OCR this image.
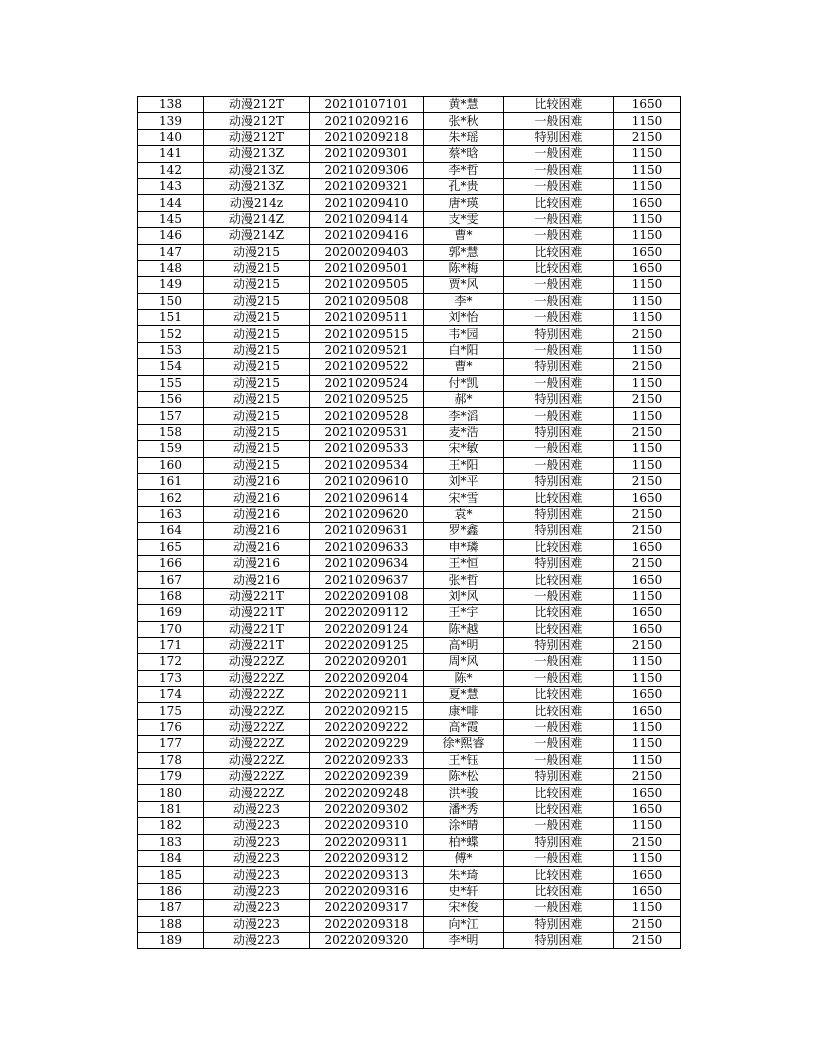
138	动漫212T	20210107101	黄*慧	比较困难	1650
139	动漫212T	20210209216	张*秋	一般困难	1150
140	动漫212T	20210209218	朱*瑶	特别困难	2150
141	动漫213Z	20210209301	蔡*晗	一般困难	1150
142	动漫213Z	20210209306	李*哲	一般困难	1150
143	动漫213Z	20210209321	孔*贵	一般困难	1150
144	动漫214z	20210209410	唐*瑛	比较困难	1650
145	动漫214Z	20210209414	支*雯	一般困难	1150
146	动漫214Z	20210209416	曹*	一般困难	1150
147	动漫215	20200209403	郭*慧	比较困难	1650
148	动漫215	20210209501	陈*梅	比较困难	1650
149	动漫215	20210209505	贾*风	一般困难	1150
150	动漫215	20210209508	李*	一般困难	1150
151	动漫215	20210209511	刘*怡	一般困难	1150
152	动漫215	20210209515	韦*园	特别困难	2150
153	动漫215	20210209521	白*阳	一般困难	1150
154	动漫215	20210209522	曹*	特别困难	2150
155	动漫215	20210209524	付*凯	一般困难	1150
156	动漫215	20210209525	郝*	特别困难	2150
157	动漫215	20210209528	李*滔	一般困难	1150
158	动漫215	20210209531	麦*浩	特别困难	2150
159	动漫215	20210209533	宋*敏	一般困难	1150
160	动漫215	20210209534	王*阳	一般困难	1150
161	动漫216	20210209610	刘*平	特别困难	2150
162	动漫216	20210209614	宋*雪	比较困难	1650
163	动漫216	20210209620	袁*	特别困难	2150
164	动漫216	20210209631	罗*鑫	特别困难	2150
165	动漫216	20210209633	申*璘	比较困难	1650
166	动漫216	20210209634	王*恒	特别困难	2150
167	动漫216	20210209637	张*哲	比较困难	1650
168	动漫221T	20220209108	刘*风	一般困难	1150
169	动漫221T	20220209112	王*宇	比较困难	1650
170	动漫221T	20220209124	陈*越	比较困难	1650
171	动漫221T	20220209125	高*明	特别困难	2150
172	动漫222Z	20220209201	周*风	一般困难	1150
173	动漫222Z	20220209204	陈*	一般困难	1150
174	动漫222Z	20220209211	夏*慧	比较困难	1650
175	动漫222Z	20220209215	康*啡	比较困难	1650
176	动漫222Z	20220209222	高*霞	一般困难	1150
177	动漫222Z	20220209229	徐*熙睿	一般困难	1150
178	动漫222Z	20220209233	王*钰	一般困难	1150
179	动漫222Z	20220209239	陈*松	特别困难	2150
180	动漫222Z	20220209248	洪*骏	比较困难	1650
181	动漫223	20220209302	潘*秀	比较困难	1650
182	动漫223	20220209310	涂*晴	一般困难	1150
183	动漫223	20220209311	柏*蝶	特别困难	2150
184	动漫223	20220209312	傅*	一般困难	1150
185	动漫223	20220209313	朱*琦	比较困难	1650
186	动漫223	20220209316	史*轩	比较困难	1650
187	动漫223	20220209317	宋*俊	一般困难	1150
188	动漫223	20220209318	向*江	特别困难	2150
189	动漫223	20220209320	李*明	特别困难	2150
